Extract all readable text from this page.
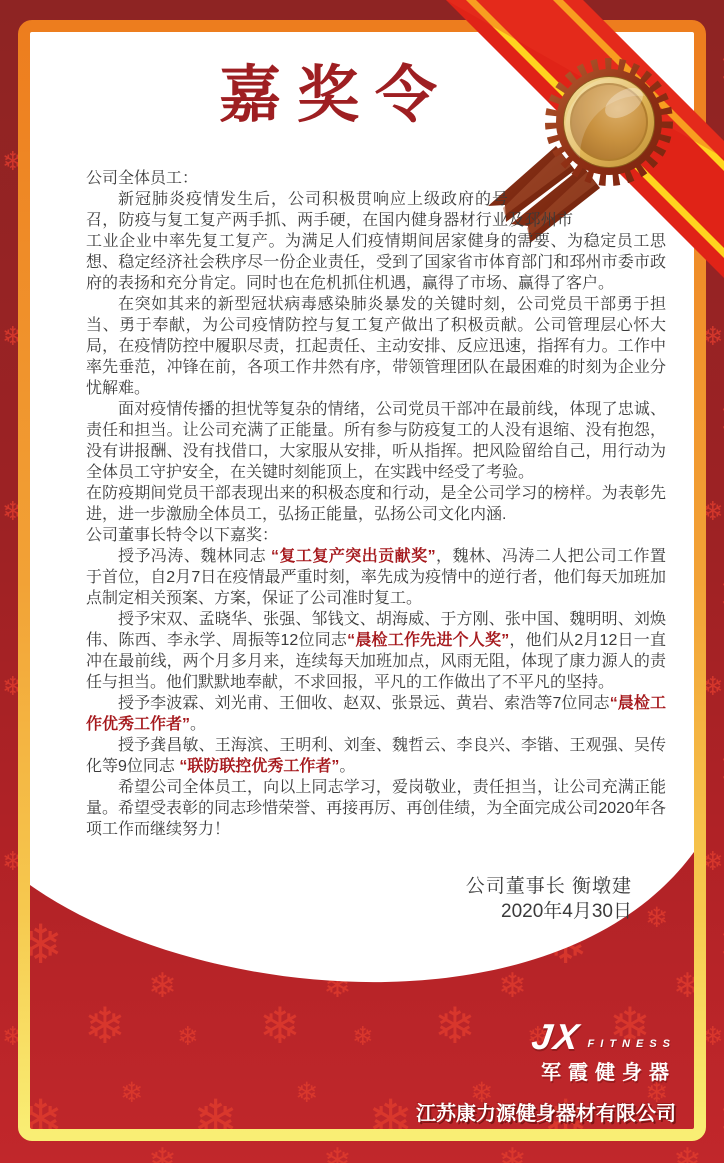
嘉奖令

公司全体员工：

新冠肺炎疫情发生后，公司积极贯响应上级政府的号召，防疫与复工复产两手抓、两手硬，在国内健身器材行业及邳州市工业企业中率先复工复产。为满足人们疫情期间居家健身的需要、为稳定员工思想、稳定经济社会秩序尽一份企业责任，受到了国家省市体育部门和邳州市委市政府的表扬和充分肯定。同时也在危机抓住机遇，赢得了市场、赢得了客户。

在突如其来的新型冠状病毒感染肺炎暴发的关键时刻，公司党员干部勇于担当、勇于奉献，为公司疫情防控与复工复产做出了积极贡献。公司管理层心怀大局，在疫情防控中履职尽责，扛起责任、主动安排、反应迅速，指挥有力。工作中率先垂范，冲锋在前，各项工作井然有序，带领管理团队在最困难的时刻为企业分忧解难。

面对疫情传播的担忧等复杂的情绪，公司党员干部冲在最前线，体现了忠诚、责任和担当。让公司充满了正能量。所有参与防疫复工的人没有退缩、没有抱怨，没有讲报酬、没有找借口，大家服从安排，听从指挥。把风险留给自己，用行动为全体员工守护安全，在关键时刻能顶上，在实践中经受了考验。

在防疫期间党员干部表现出来的积极态度和行动，是全公司学习的榜样。为表彰先进，进一步激励全体员工，弘扬正能量，弘扬公司文化内涵.

公司董事长特令以下嘉奖：

授予冯涛、魏林同志 “复工复产突出贡献奖”，魏林、冯涛二人把公司工作置于首位，自2月7日在疫情最严重时刻，率先成为疫情中的逆行者，他们每天加班加点制定相关预案、方案，保证了公司准时复工。

授予宋双、孟晓华、张强、邹钱文、胡海威、于方刚、张中国、魏明明、刘焕伟、陈西、李永学、周振等12位同志“晨检工作先进个人奖”，他们从2月12日一直冲在最前线，两个月多月来，连续每天加班加点，风雨无阻，体现了康力源人的责任与担当。他们默默地奉献，不求回报，平凡的工作做出了不平凡的坚持。

授予李波霖、刘光甫、王佃收、赵双、张景远、黄岩、索浩等7位同志“晨检工作优秀工作者”。

授予龚昌敏、王海滨、王明利、刘奎、魏哲云、李良兴、李锴、王观强、吴传化等9位同志 “联防联控优秀工作者”。

希望公司全体员工，向以上同志学习，爱岗敬业，责任担当，让公司充满正能量。希望受表彰的同志珍惜荣誉、再接再厉、再创佳绩，为全面完成公司2020年各项工作而继续努力！

公司董事长 衡墩建
2020年4月30日
JX FITNESS
军霞健身器
江苏康力源健身器材有限公司
